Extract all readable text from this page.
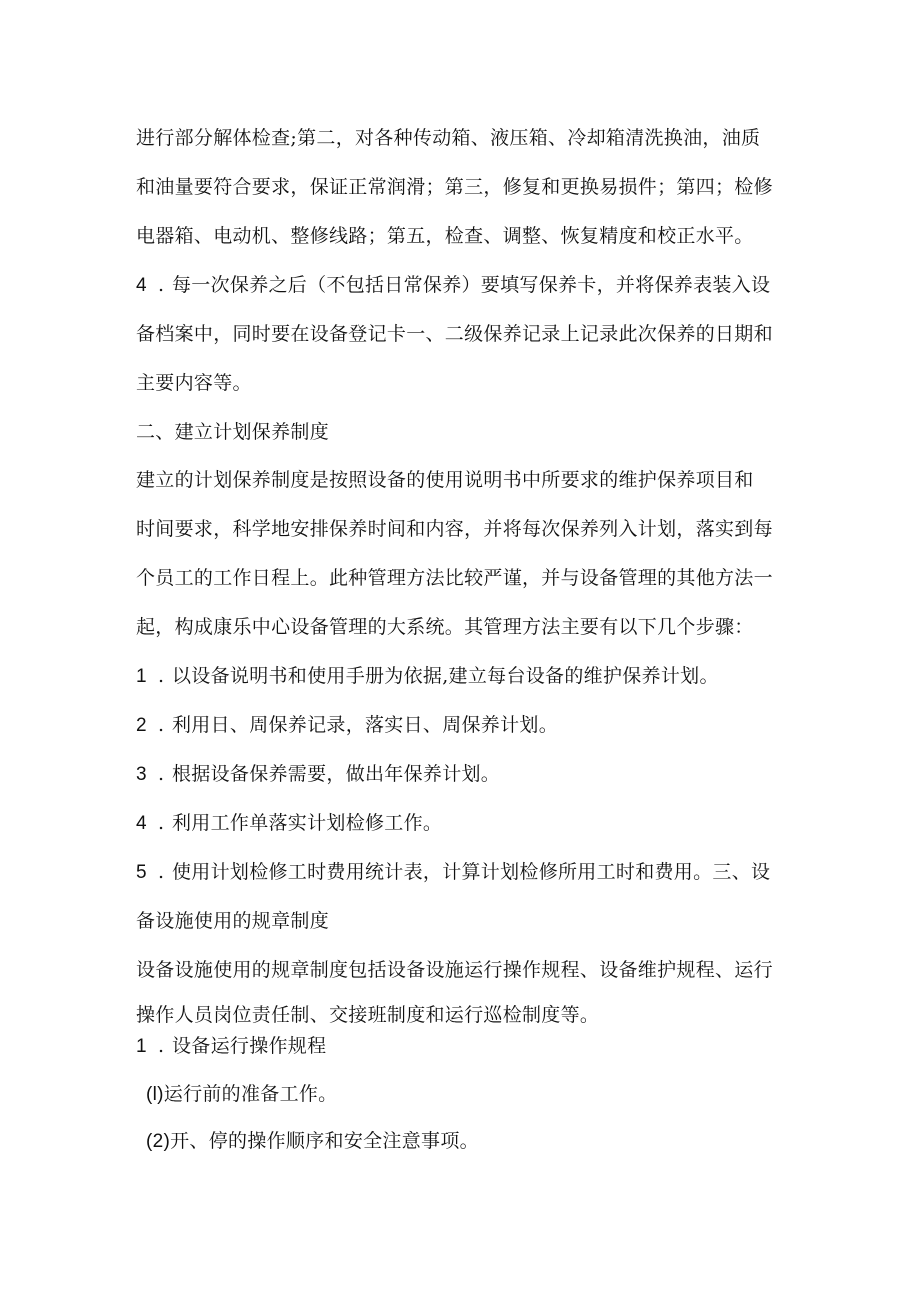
进行部分解体检查;第二，对各种传动箱、液压箱、冷却箱清洗换油，油质
和油量要符合要求，保证正常润滑；第三，修复和更换易损件；第四；检修
电器箱、电动机、整修线路；第五，检查、调整、恢复精度和校正水平。
4 . 每一次保养之后（不包括日常保养）要填写保养卡，并将保养表装入设
备档案中，同时要在设备登记卡一、二级保养记录上记录此次保养的日期和
主要内容等。
二、建立计划保养制度
建立的计划保养制度是按照设备的使用说明书中所要求的维护保养项目和
时间要求，科学地安排保养时间和内容，并将每次保养列入计划，落实到每
个员工的工作日程上。此种管理方法比较严谨，并与设备管理的其他方法一
起，构成康乐中心设备管理的大系统。其管理方法主要有以下几个步骤：
1 . 以设备说明书和使用手册为依据,建立每台设备的维护保养计划。
2 . 利用日、周保养记录，落实日、周保养计划。
3 . 根据设备保养需要，做出年保养计划。
4 . 利用工作单落实计划检修工作。
5 . 使用计划检修工时费用统计表，计算计划检修所用工时和费用。三、设
备设施使用的规章制度
设备设施使用的规章制度包括设备设施运行操作规程、设备维护规程、运行
操作人员岗位责任制、交接班制度和运行巡检制度等。
1 . 设备运行操作规程
(l)运行前的准备工作。
(2)开、停的操作顺序和安全注意事项。
